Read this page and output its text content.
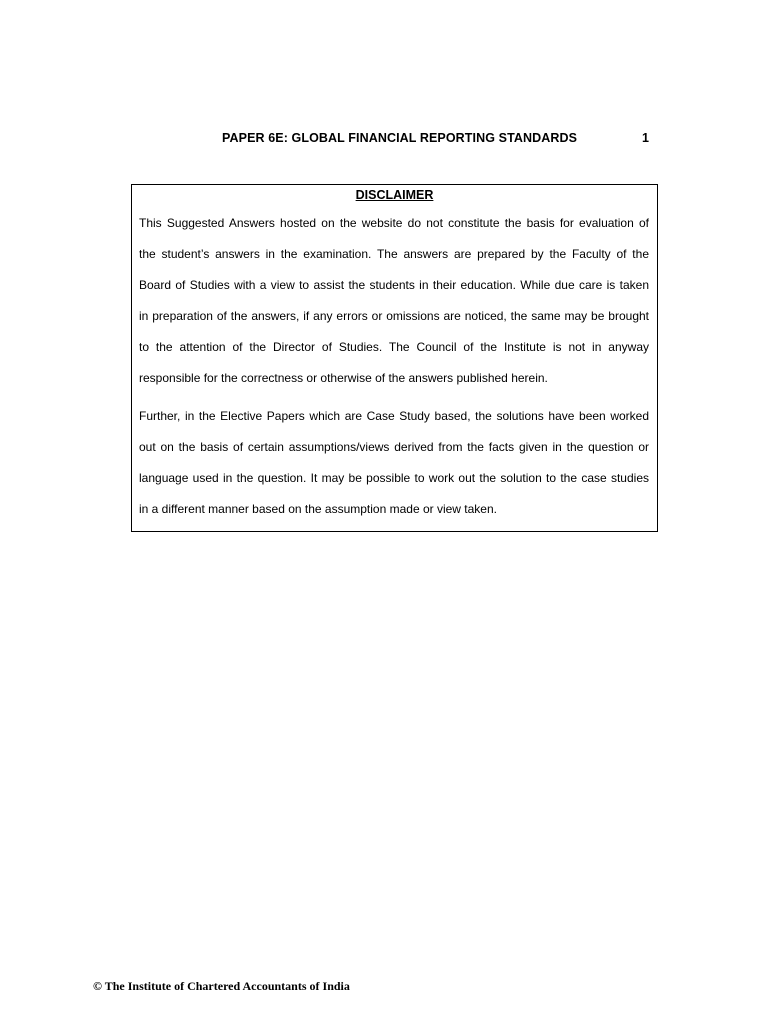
PAPER 6E: GLOBAL FINANCIAL REPORTING STANDARDS	1
DISCLAIMER
This Suggested Answers hosted on the website do not constitute the basis for evaluation of
the student’s answers in the examination. The answers are prepared by the Faculty of the
Board of Studies with a view to assist the students in their education. While due care is taken
in preparation of the answers, if any errors or omissions are noticed, the same may be brought
to the attention of the Director of Studies. The Council of the Institute is not in anyway
responsible for the correctness or otherwise of the answers published herein.
Further, in the Elective Papers which are Case Study based, the solutions have been worked
out on the basis of certain assumptions/views derived from the facts given in the question or
language used in the question. It may be possible to work out the solution to the case studies
in a different manner based on the assumption made or view taken.
© The Institute of Chartered Accountants of India
